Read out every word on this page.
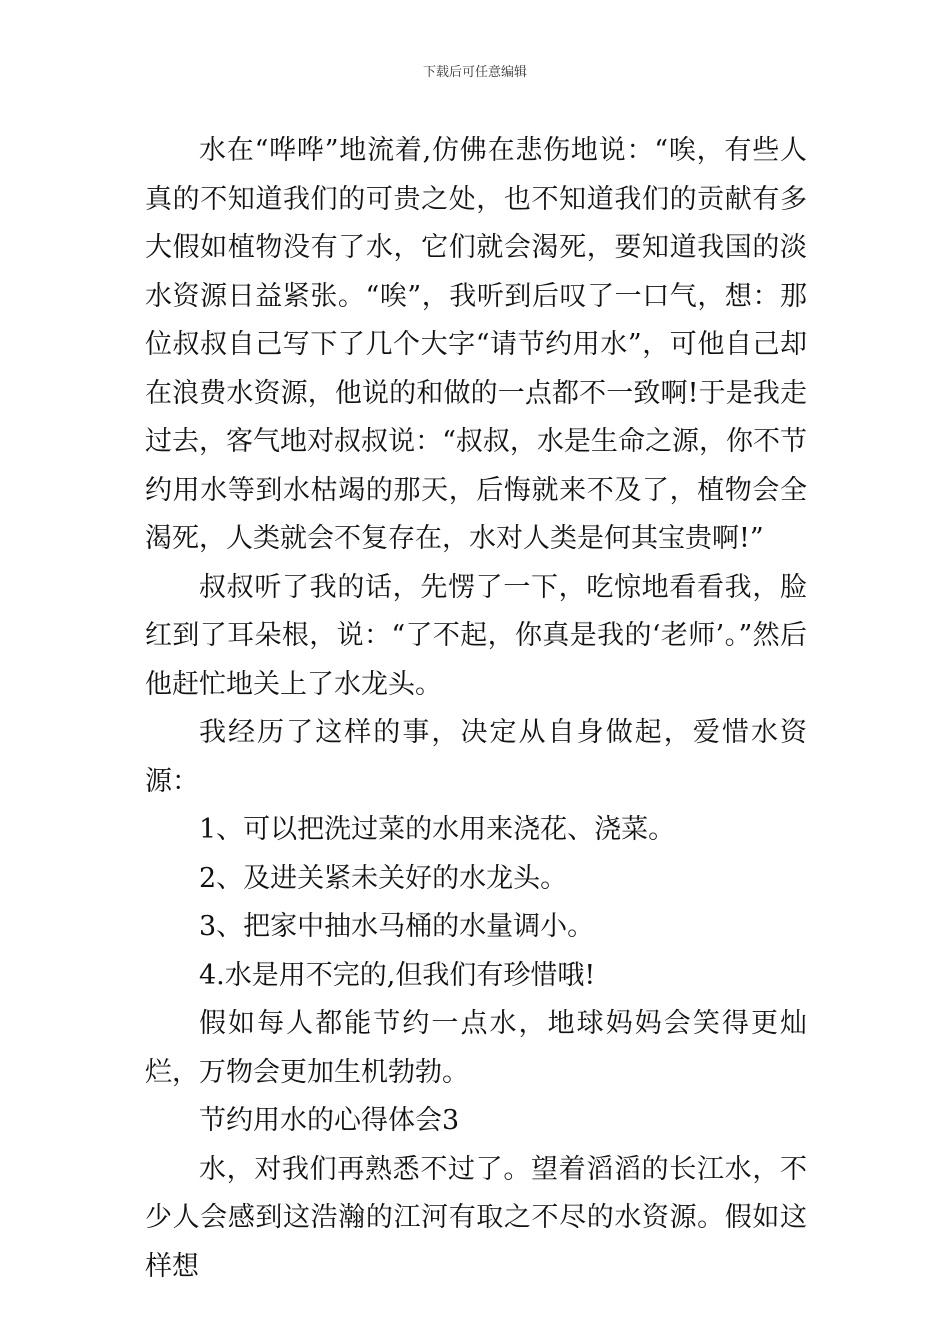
下载后可任意编辑

水在“哗哗”地流着,仿佛在悲伤地说：“唉，有些人真的不知道我们的可贵之处，也不知道我们的贡献有多大假如植物没有了水，它们就会渴死，要知道我国的淡水资源日益紧张。“唉”，我听到后叹了一口气，想：那位叔叔自己写下了几个大字“请节约用水”，可他自己却在浪费水资源，他说的和做的一点都不一致啊!于是我走过去，客气地对叔叔说：“叔叔，水是生命之源，你不节约用水等到水枯竭的那天，后悔就来不及了，植物会全渴死，人类就会不复存在，水对人类是何其宝贵啊!”

叔叔听了我的话，先愣了一下，吃惊地看看我，脸红到了耳朵根，说：“了不起，你真是我的‘老师’。”然后他赶忙地关上了水龙头。

我经历了这样的事，决定从自身做起，爱惜水资源：

1、可以把洗过菜的水用来浇花、浇菜。

2、及进关紧未关好的水龙头。

3、把家中抽水马桶的水量调小。

4.水是用不完的,但我们有珍惜哦!

假如每人都能节约一点水，地球妈妈会笑得更灿烂，万物会更加生机勃勃。

节约用水的心得体会3

水，对我们再熟悉不过了。望着滔滔的长江水，不少人会感到这浩瀚的江河有取之不尽的水资源。假如这样想
